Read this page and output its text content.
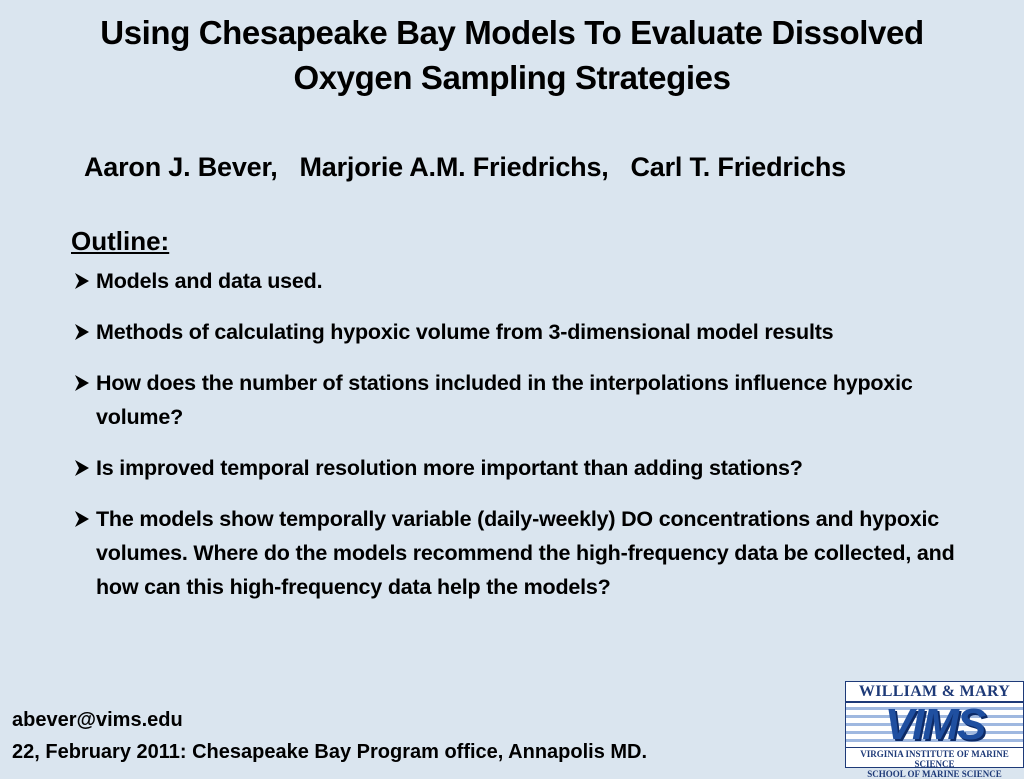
Using Chesapeake Bay Models To Evaluate Dissolved
Oxygen Sampling Strategies
Aaron J. Bever,   Marjorie A.M. Friedrichs,   Carl T. Friedrichs
Outline:
Models and data used.
Methods of calculating hypoxic volume from 3-dimensional model results
How does the number of stations included in the interpolations influence hypoxic volume?
Is improved temporal resolution more important than adding stations?
The models show temporally variable (daily-weekly) DO concentrations and hypoxic volumes. Where do the models recommend the high-frequency data be collected, and how can this high-frequency data help the models?
abever@vims.edu
22, February 2011: Chesapeake Bay Program office, Annapolis MD.
WILLIAM & MARY
VIMS
VIRGINIA INSTITUTE OF MARINE SCIENCE
SCHOOL OF MARINE SCIENCE
